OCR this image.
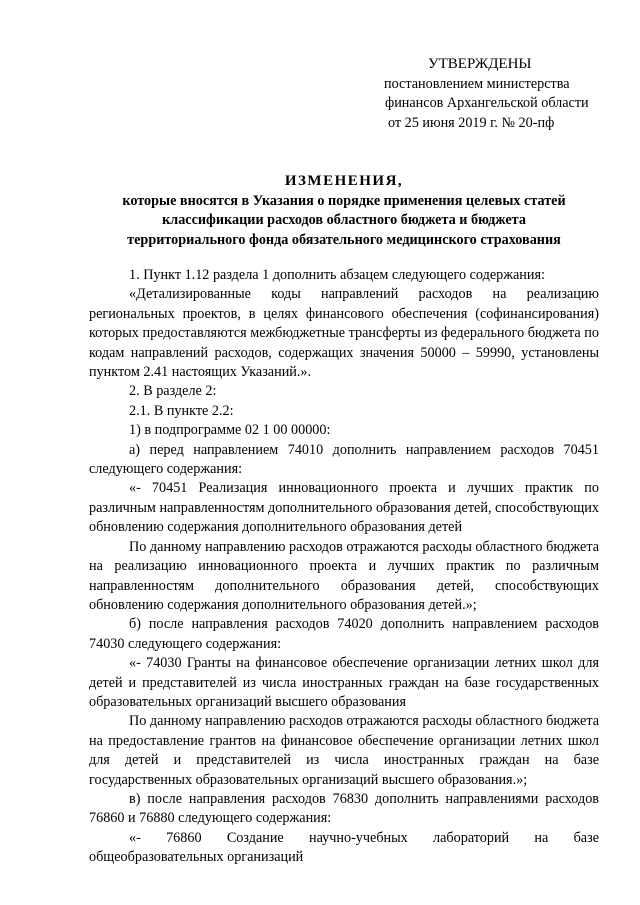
УТВЕРЖДЕНЫ
постановлением министерства
финансов Архангельской области
от 25 июня 2019 г. № 20-пф
ИЗМЕНЕНИЯ,
которые вносятся в Указания о порядке применения целевых статей
классификации расходов областного бюджета и бюджета
территориального фонда обязательного медицинского страхования

1. Пункт 1.12 раздела 1 дополнить абзацем следующего содержания:

«Детализированные коды направлений расходов на реализацию региональных проектов, в целях финансового обеспечения (софинансирования) которых предоставляются межбюджетные трансферты из федерального бюджета по кодам направлений расходов, содержащих значения 50000 – 59990, установлены пунктом 2.41 настоящих Указаний.».

2. В разделе 2:

2.1. В пункте 2.2:

1) в подпрограмме 02 1 00 00000:

а) перед направлением 74010 дополнить направлением расходов 70451 следующего содержания:

«- 70451 Реализация инновационного проекта и лучших практик по различным направленностям дополнительного образования детей, способствующих обновлению содержания дополнительного образования детей

По данному направлению расходов отражаются расходы областного бюджета на реализацию инновационного проекта и лучших практик по различным направленностям дополнительного образования детей, способствующих обновлению содержания дополнительного образования детей.»;

б) после направления расходов 74020 дополнить направлением расходов 74030 следующего содержания:

«- 74030 Гранты на финансовое обеспечение организации летних школ для детей и представителей из числа иностранных граждан на базе государственных образовательных организаций высшего образования

По данному направлению расходов отражаются расходы областного бюджета на предоставление грантов на финансовое обеспечение организации летних школ для детей и представителей из числа иностранных граждан на базе государственных образовательных организаций высшего образования.»;

в) после направления расходов 76830 дополнить направлениями расходов 76860 и 76880 следующего содержания:

«- 76860 Создание научно-учебных лабораторий на базе общеобразовательных организаций
